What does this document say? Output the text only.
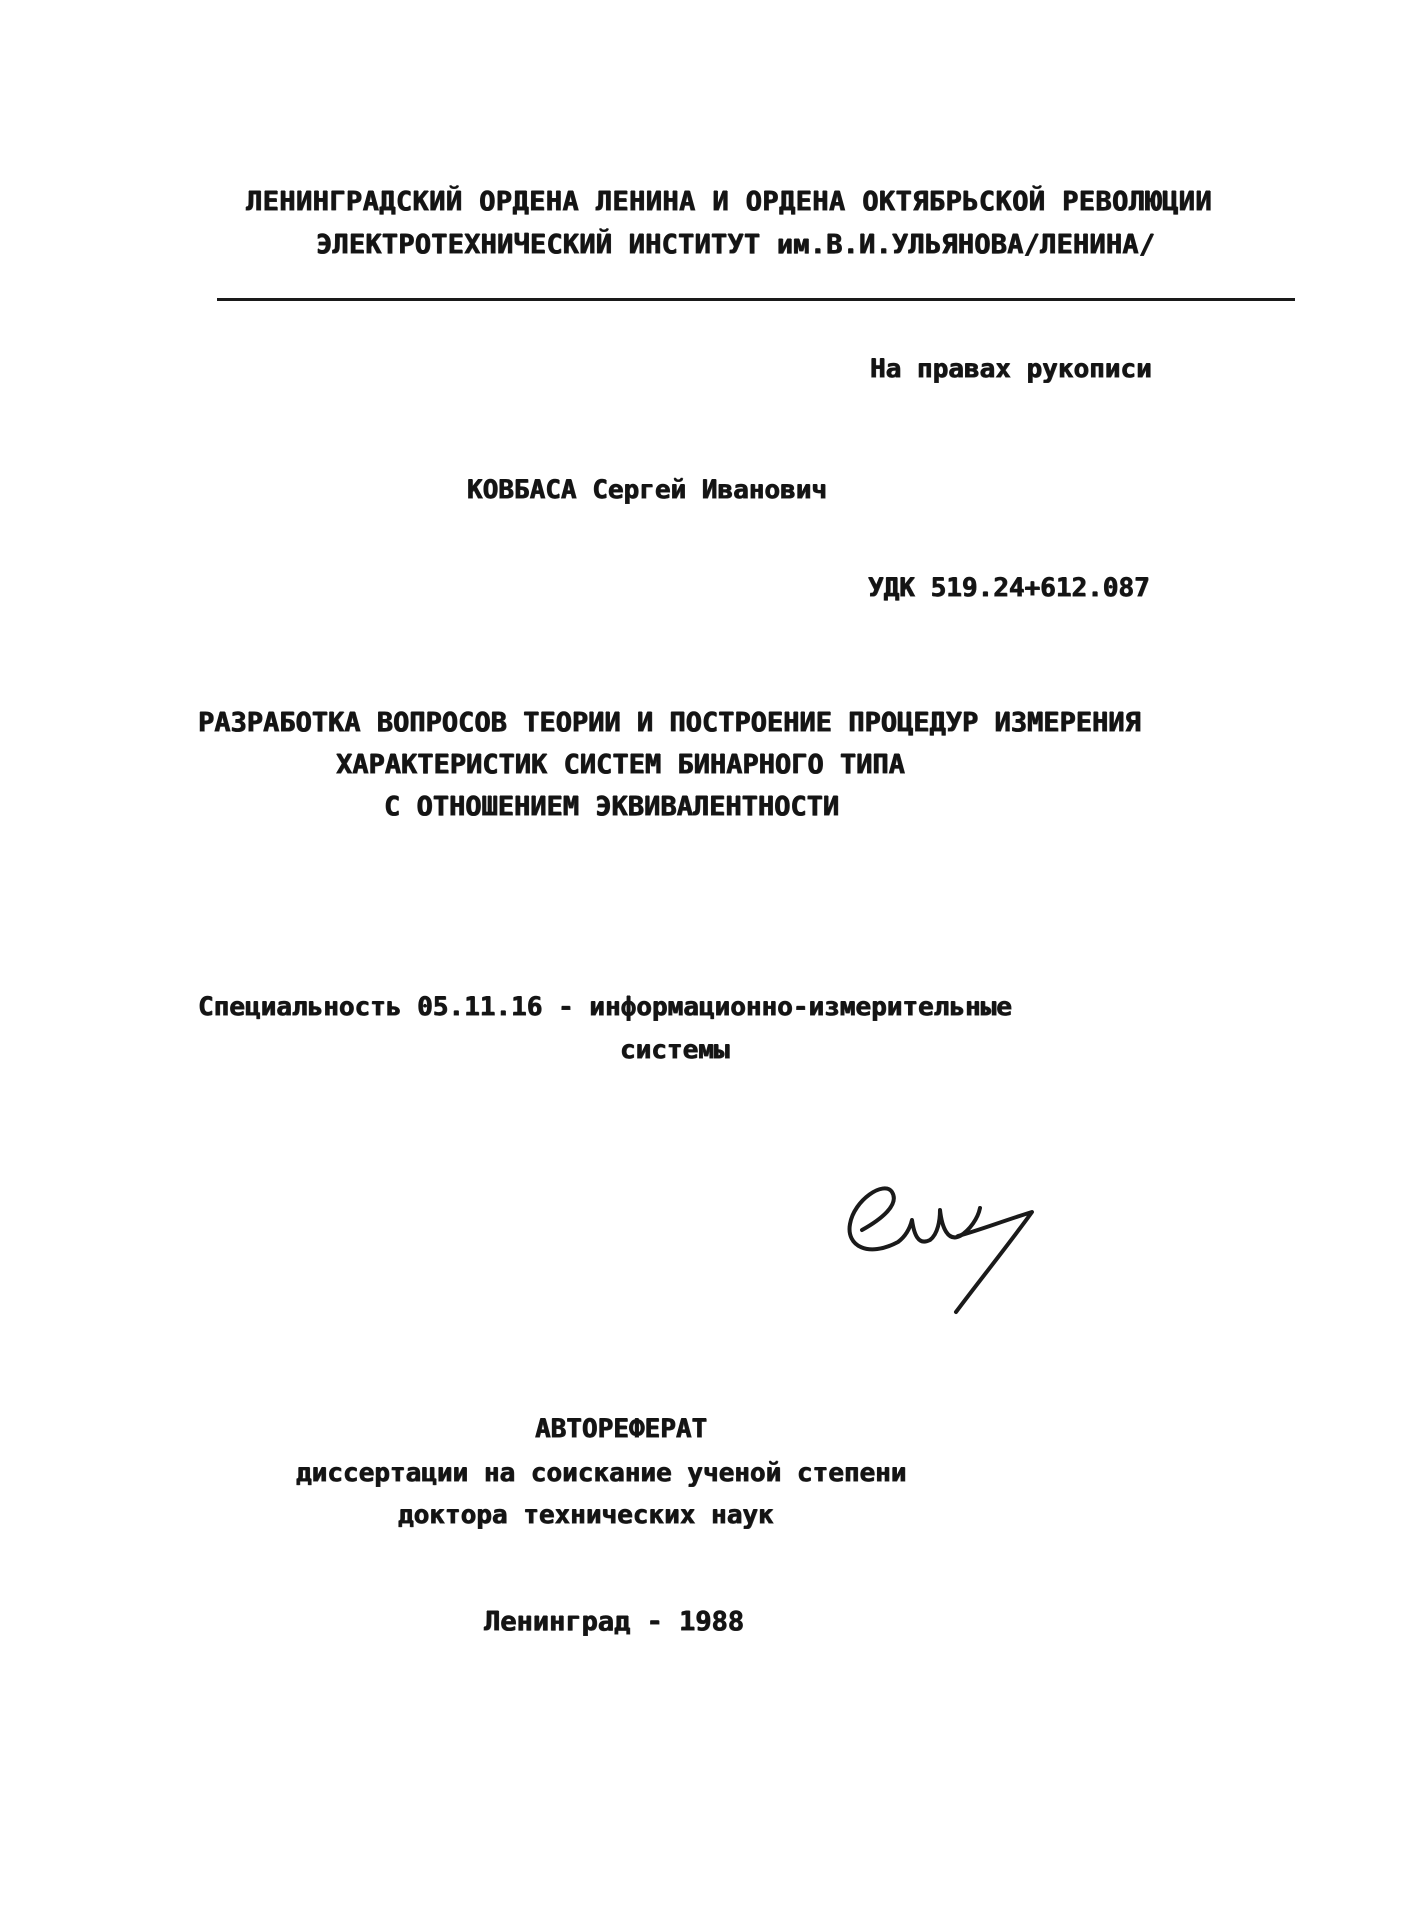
ЛЕНИНГРАДСКИЙ ОРДЕНА ЛЕНИНА И ОРДЕНА ОКТЯБРЬСКОЙ РЕВОЛЮЦИИ
ЭЛЕКТРОТЕХНИЧЕСКИЙ ИНСТИТУТ им.В.И.УЛЬЯНОВА/ЛЕНИНА/
На правах рукописи
КОВБАСА Сергей Иванович
УДК 519.24+612.087
РАЗРАБОТКА ВОПРОСОВ ТЕОРИИ И ПОСТРОЕНИЕ ПРОЦЕДУР ИЗМЕРЕНИЯ
ХАРАКТЕРИСТИК СИСТЕМ БИНАРНОГО ТИПА
С ОТНОШЕНИЕМ ЭКВИВАЛЕНТНОСТИ
Специальность 05.11.16 - информационно-измерительные
системы
АВТОРЕФЕРАТ
диссертации на соискание ученой степени
доктора технических наук
Ленинград - 1988
